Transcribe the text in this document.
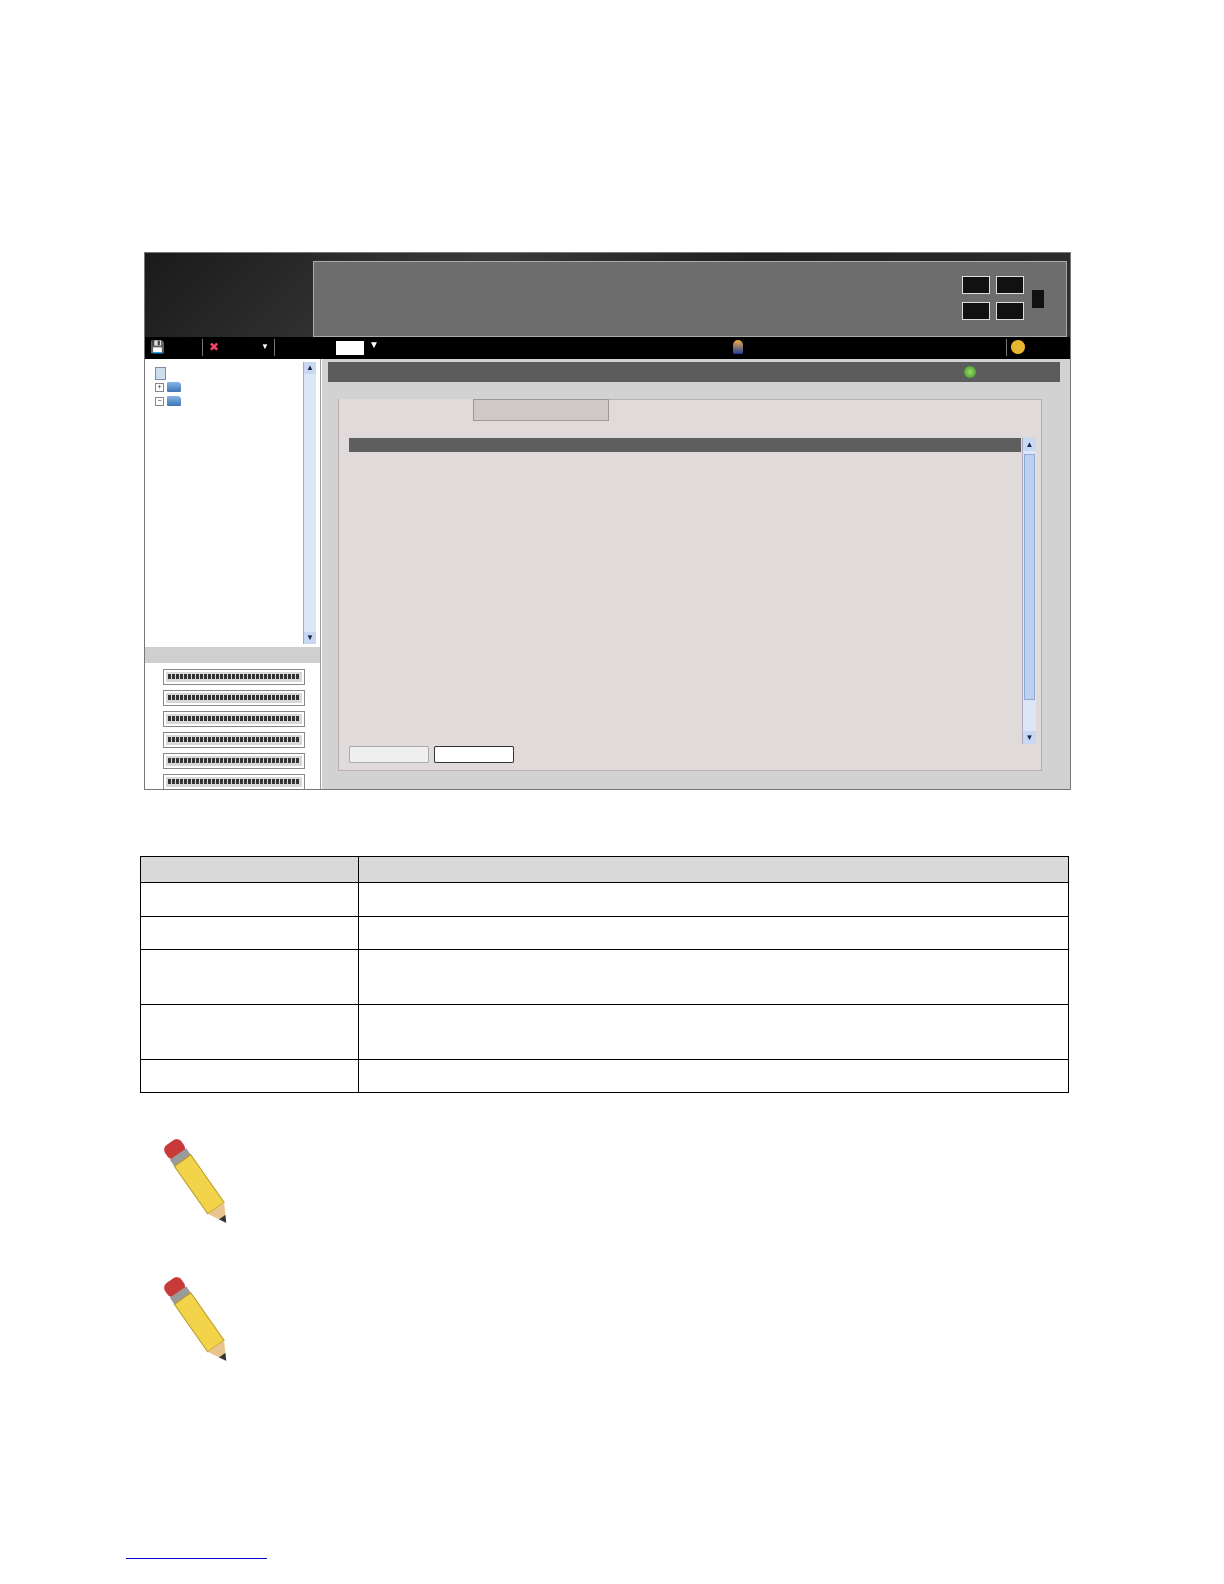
💾	✖	▼	▼
+
−
▲
▼
▲
▼
